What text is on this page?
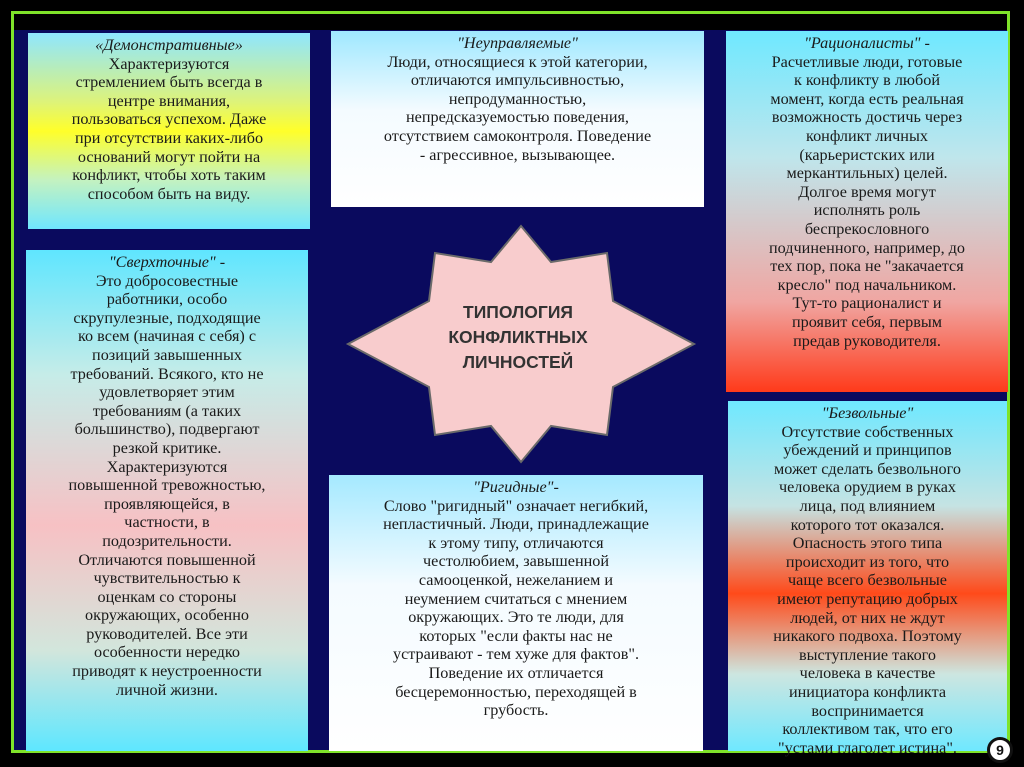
«Демонстративные»
Характеризуются
стремлением быть всегда в
центре внимания,
пользоваться успехом. Даже
при отсутствии каких-либо
оснований могут пойти на
конфликт, чтобы хоть таким
способом быть на виду.
"Неуправляемые"
Люди, относящиеся к этой категории,
отличаются импульсивностью,
непродуманностью,
непредсказуемостью поведения,
отсутствием самоконтроля. Поведение
- агрессивное, вызывающее.
"Рационалисты" -
Расчетливые люди, готовые
к конфликту в любой
момент, когда есть реальная
возможность достичь через
конфликт личных
(карьеристских или
меркантильных) целей.
Долгое время могут
исполнять роль
беспрекословного
подчиненного, например, до
тех пор, пока не "закачается
кресло" под начальником.
Тут-то рационалист и
проявит себя, первым
предав руководителя.
"Сверхточные" -
Это добросовестные
работники, особо
скрупулезные, подходящие
ко всем (начиная с себя) с
позиций завышенных
требований. Всякого, кто не
удовлетворяет этим
требованиям (а таких
большинство), подвергают
резкой критике.
Характеризуются
повышенной тревожностью,
проявляющейся, в
частности, в
подозрительности.
Отличаются повышенной
чувствительностью к
оценкам со стороны
окружающих, особенно
руководителей. Все эти
особенности нередко
приводят к неустроенности
личной жизни.
ТИПОЛОГИЯ
КОНФЛИКТНЫХ
ЛИЧНОСТЕЙ
"Ригидные"-
Слово "ригидный" означает негибкий,
непластичный. Люди, принадлежащие
к этому типу, отличаются
честолюбием, завышенной
самооценкой, нежеланием и
неумением считаться с мнением
окружающих. Это те люди, для
которых "если факты нас не
устраивают - тем хуже для фактов".
Поведение их отличается
бесцеремонностью, переходящей в
грубость.
"Безвольные"
Отсутствие собственных
убеждений и принципов
может сделать безвольного
человека орудием в руках
лица, под влиянием
которого тот оказался.
Опасность этого типа
происходит из того, что
чаще всего безвольные
имеют репутацию добрых
людей, от них не ждут
никакого подвоха. Поэтому
выступление такого
человека в качестве
инициатора конфликта
воспринимается
коллективом так, что его
"устами глаголет истина".	9
